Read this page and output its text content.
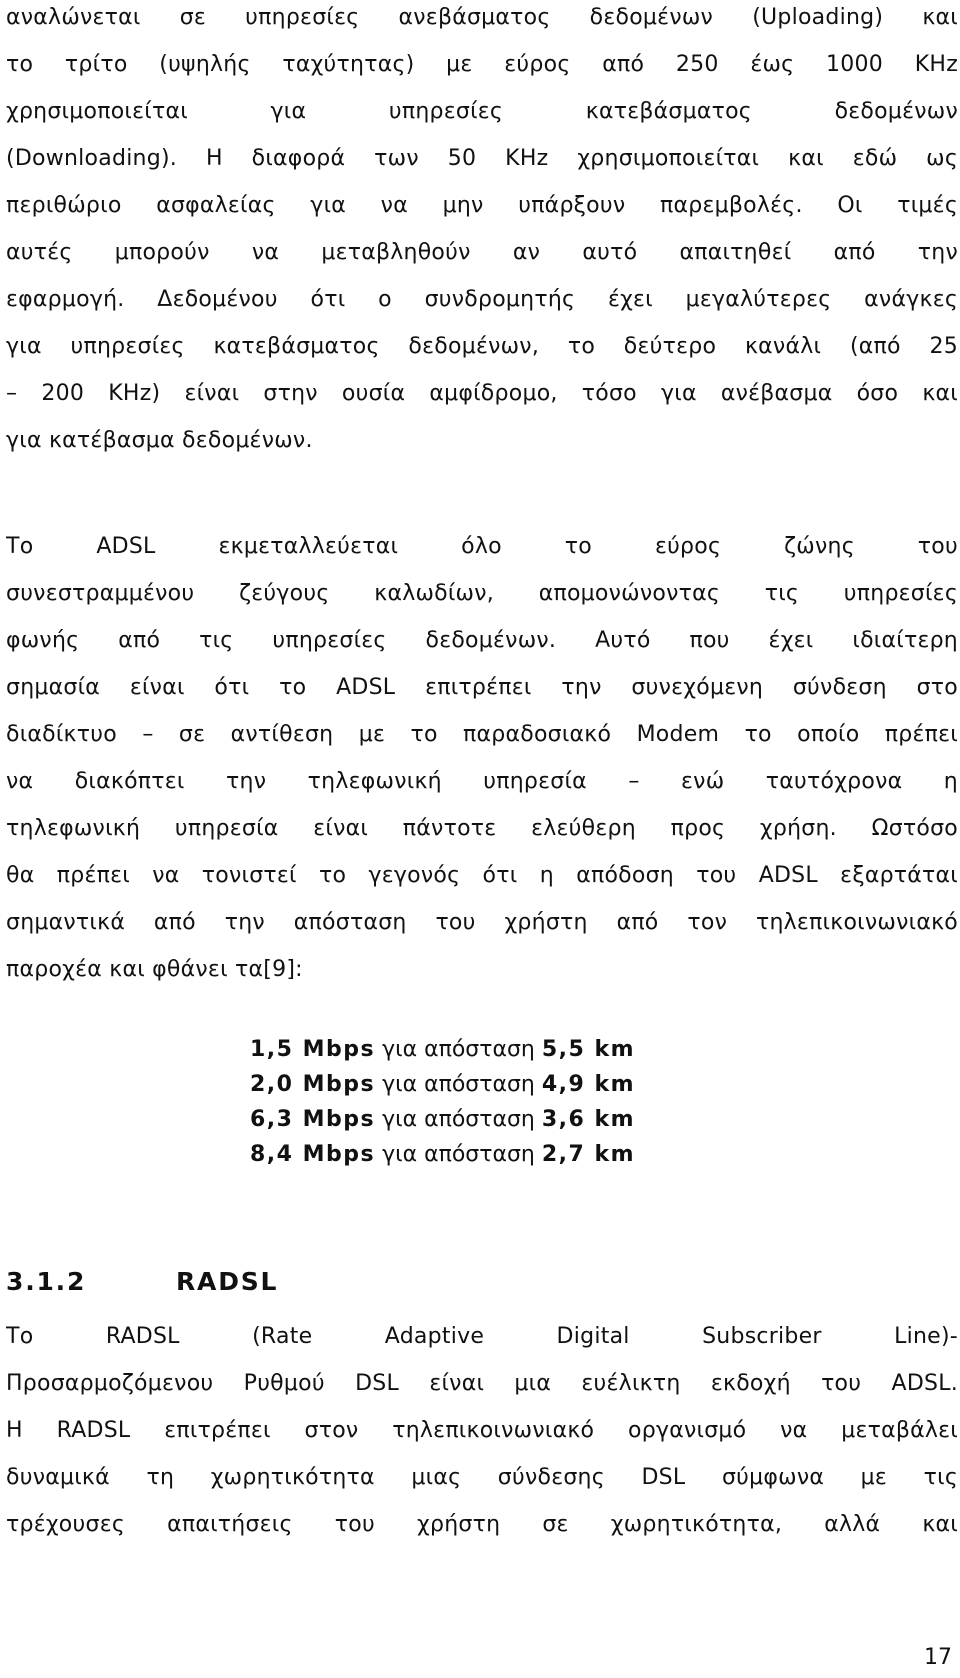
αναλώνεται σε υπηρεσίες ανεβάσματος δεδομένων (Uploading) και
το τρίτο (υψηλής ταχύτητας) με εύρος από 250 έως 1000 KHz
χρησιμοποιείται για υπηρεσίες κατεβάσματος δεδομένων
(Downloading). Η διαφορά των 50 KHz χρησιμοποιείται και εδώ ως
περιθώριο ασφαλείας για να μην υπάρξουν παρεμβολές. Οι τιμές
αυτές μπορούν να μεταβληθούν αν αυτό απαιτηθεί από την
εφαρμογή. Δεδομένου ότι ο συνδρομητής έχει μεγαλύτερες ανάγκες
για υπηρεσίες κατεβάσματος δεδομένων, το δεύτερο κανάλι (από 25
– 200 KHz) είναι στην ουσία αμφίδρομο, τόσο για ανέβασμα όσο και
για κατέβασμα δεδομένων.
Το ADSL εκμεταλλεύεται όλο το εύρος ζώνης του
συνεστραμμένου ζεύγους καλωδίων, απομονώνοντας τις υπηρεσίες
φωνής από τις υπηρεσίες δεδομένων. Αυτό που έχει ιδιαίτερη
σημασία είναι ότι το ADSL επιτρέπει την συνεχόμενη σύνδεση στο
διαδίκτυο – σε αντίθεση με το παραδοσιακό Modem το οποίο πρέπει
να διακόπτει την τηλεφωνική υπηρεσία – ενώ ταυτόχρονα η
τηλεφωνική υπηρεσία είναι πάντοτε ελεύθερη προς χρήση. Ωστόσο
θα πρέπει να τονιστεί το γεγονός ότι η απόδοση του ADSL εξαρτάται
σημαντικά από την απόσταση του χρήστη από τον τηλεπικοινωνιακό
παροχέα και φθάνει τα[9]:
1,5 Mbps για απόσταση 5,5 km
2,0 Mbps για απόσταση 4,9 km
6,3 Mbps για απόσταση 3,6 km
8,4 Mbps για απόσταση 2,7 km
3.1.2	RADSL
Το RADSL (Rate Adaptive Digital Subscriber Line)-
Προσαρμοζόμενου Ρυθμού DSL είναι μια ευέλικτη εκδοχή του ADSL.
Η RADSL επιτρέπει στον τηλεπικοινωνιακό οργανισμό να μεταβάλει
δυναμικά τη χωρητικότητα μιας σύνδεσης DSL σύμφωνα με τις
τρέχουσες απαιτήσεις του χρήστη σε χωρητικότητα, αλλά και
17
